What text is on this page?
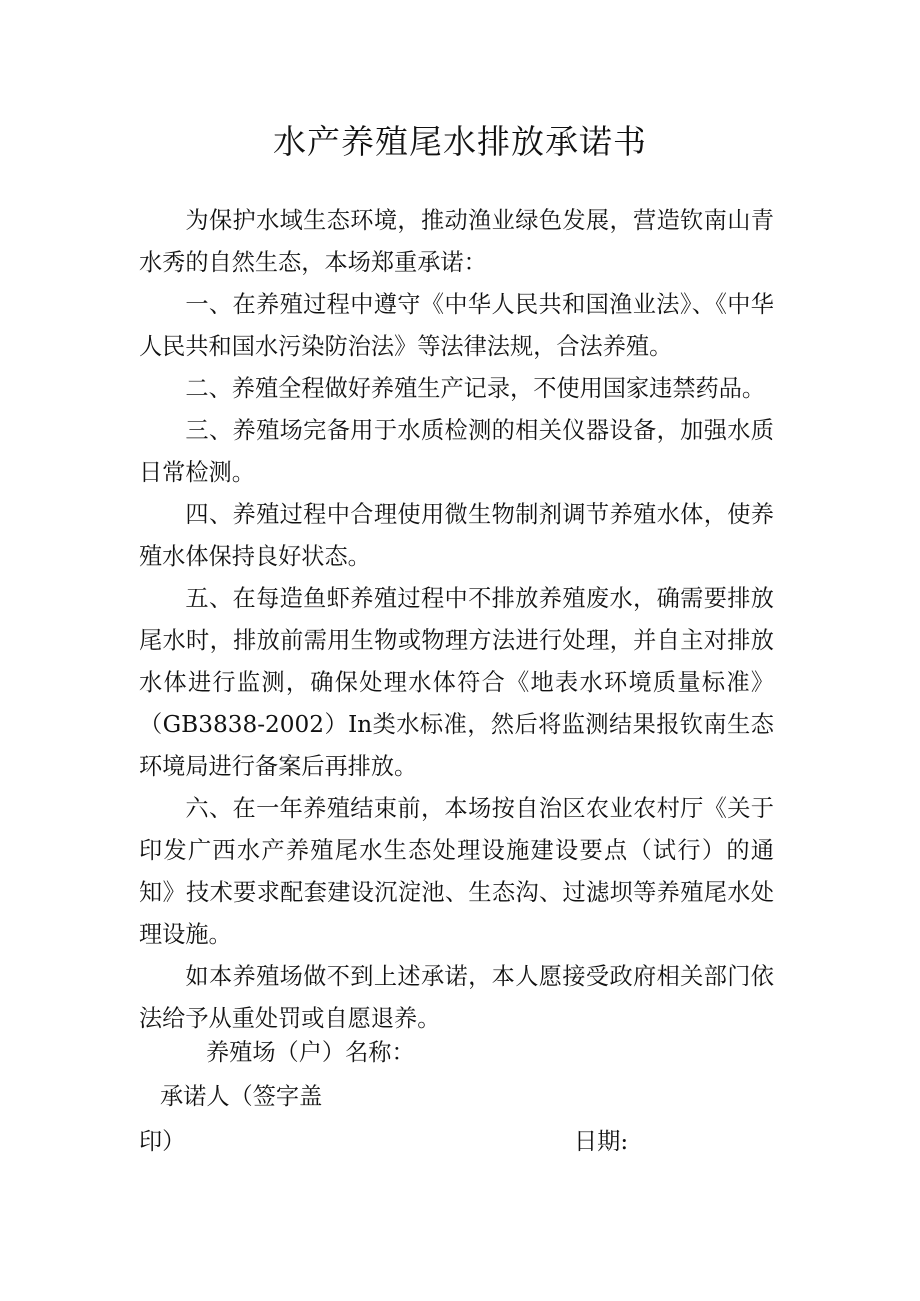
水产养殖尾水排放承诺书

为保护水域生态环境，推动渔业绿色发展，营造钦南山青水秀的自然生态，本场郑重承诺：

一、在养殖过程中遵守《中华人民共和国渔业法》、《中华人民共和国水污染防治法》等法律法规，合法养殖。

二、养殖全程做好养殖生产记录，不使用国家违禁药品。

三、养殖场完备用于水质检测的相关仪器设备，加强水质日常检测。

四、养殖过程中合理使用微生物制剂调节养殖水体，使养殖水体保持良好状态。

五、在每造鱼虾养殖过程中不排放养殖废水，确需要排放尾水时，排放前需用生物或物理方法进行处理，并自主对排放水体进行监测，确保处理水体符合《地表水环境质量标准》（GB3838-2002）In类水标准，然后将监测结果报钦南生态环境局进行备案后再排放。

六、在一年养殖结束前，本场按自治区农业农村厅《关于印发广西水产养殖尾水生态处理设施建设要点（试行）的通知》技术要求配套建设沉淀池、生态沟、过滤坝等养殖尾水处理设施。

如本养殖场做不到上述承诺，本人愿接受政府相关部门依法给予从重处罚或自愿退养。

养殖场（户）名称：
承诺人（签字盖
印）	日期:
